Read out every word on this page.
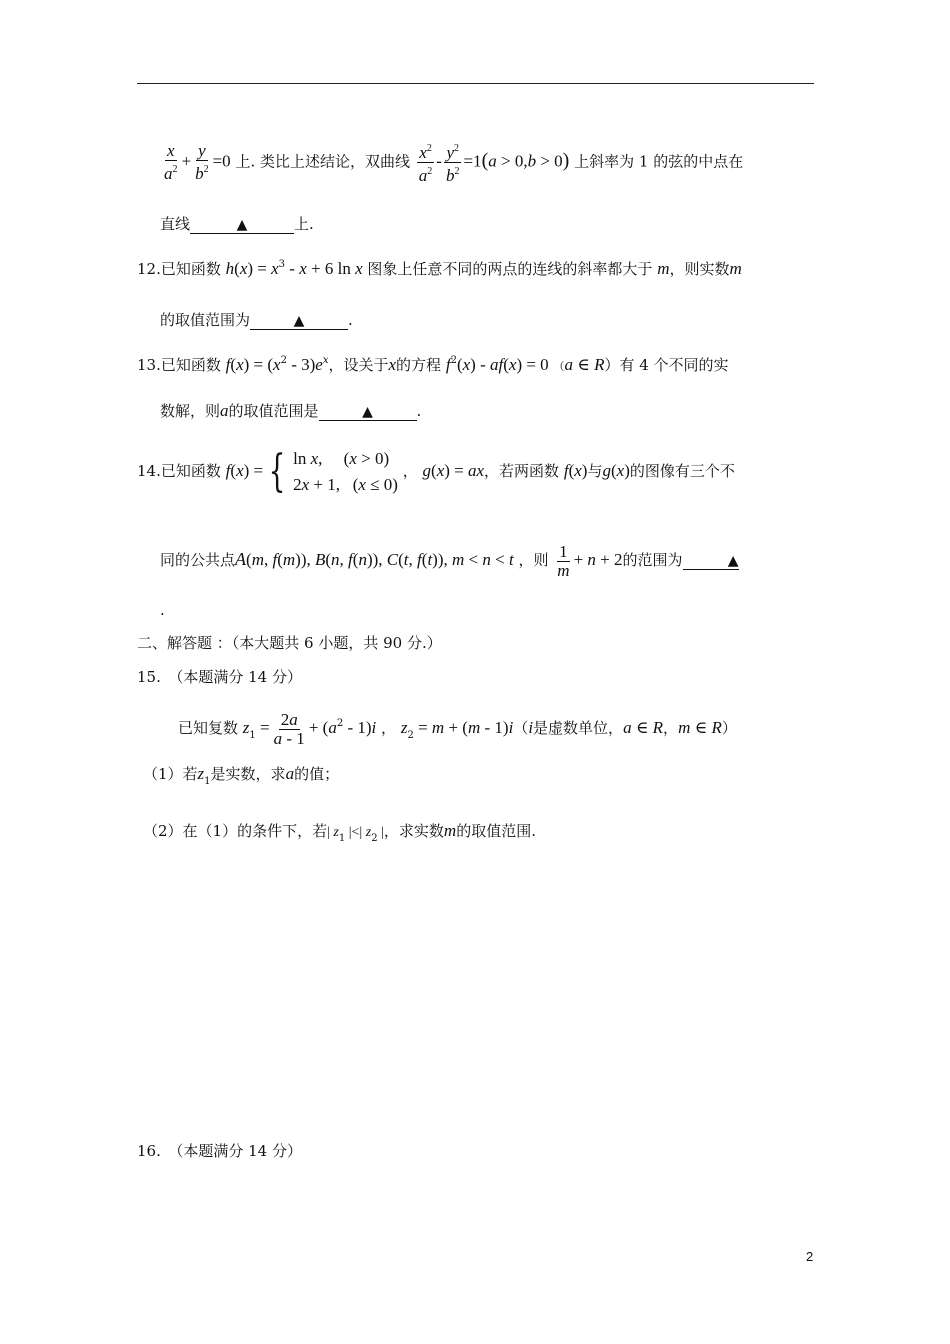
$\frac{x}{a^2} + \frac{y}{b^2} =0$ 上. 类比上述结论，双曲线 $\frac{x^2}{a^2} - \frac{y^2}{b^2} =1(a > 0,b > 0)$ 上斜率为 1 的弦的中点在
直线	▲	上.
12.已知函数 $h(x) = x^3 - x + 6$ ln x 图象上任意不同的两点的连线的斜率都大于 m，则实数m
的取值范围为	▲	.
13.已知函数 $f(x) = (x^2 - 3)e^x$，设关于x的方程 $f^2(x) - af(x) = 0$ （a ∈ R）有 4 个不同的实
数解，则a的取值范围是	▲	.
14.已知函数 f(x) = { ln x,     (x > 0)
2x + 1,   (x ≤ 0)
， g(x) = ax，若两函数 f(x)与g(x)的图像有三个不
同的公共点A(m, f(m)), B(n, f(n)), C(t, f(t)), m < n < t ，则 $\frac{1}{m} + n + 2$的范围为	▲
.
二、解答题 ：（本大题共 6 小题，共 90 分.）
15.　（本题满分 14 分）
已知复数 $z_1 = \frac{2a}{a - 1} + (a^2 - 1)i$ ， $z_2 = m + (m - 1)i(i$是虚数单位，a ∈ R，m ∈ R）
（1）若$z_1$是实数，求a的值；
（2）在（1）的条件下，若| $z_1$ |<| $z_2$ |，求实数m的取值范围.
16.　（本题满分 14 分）
2
